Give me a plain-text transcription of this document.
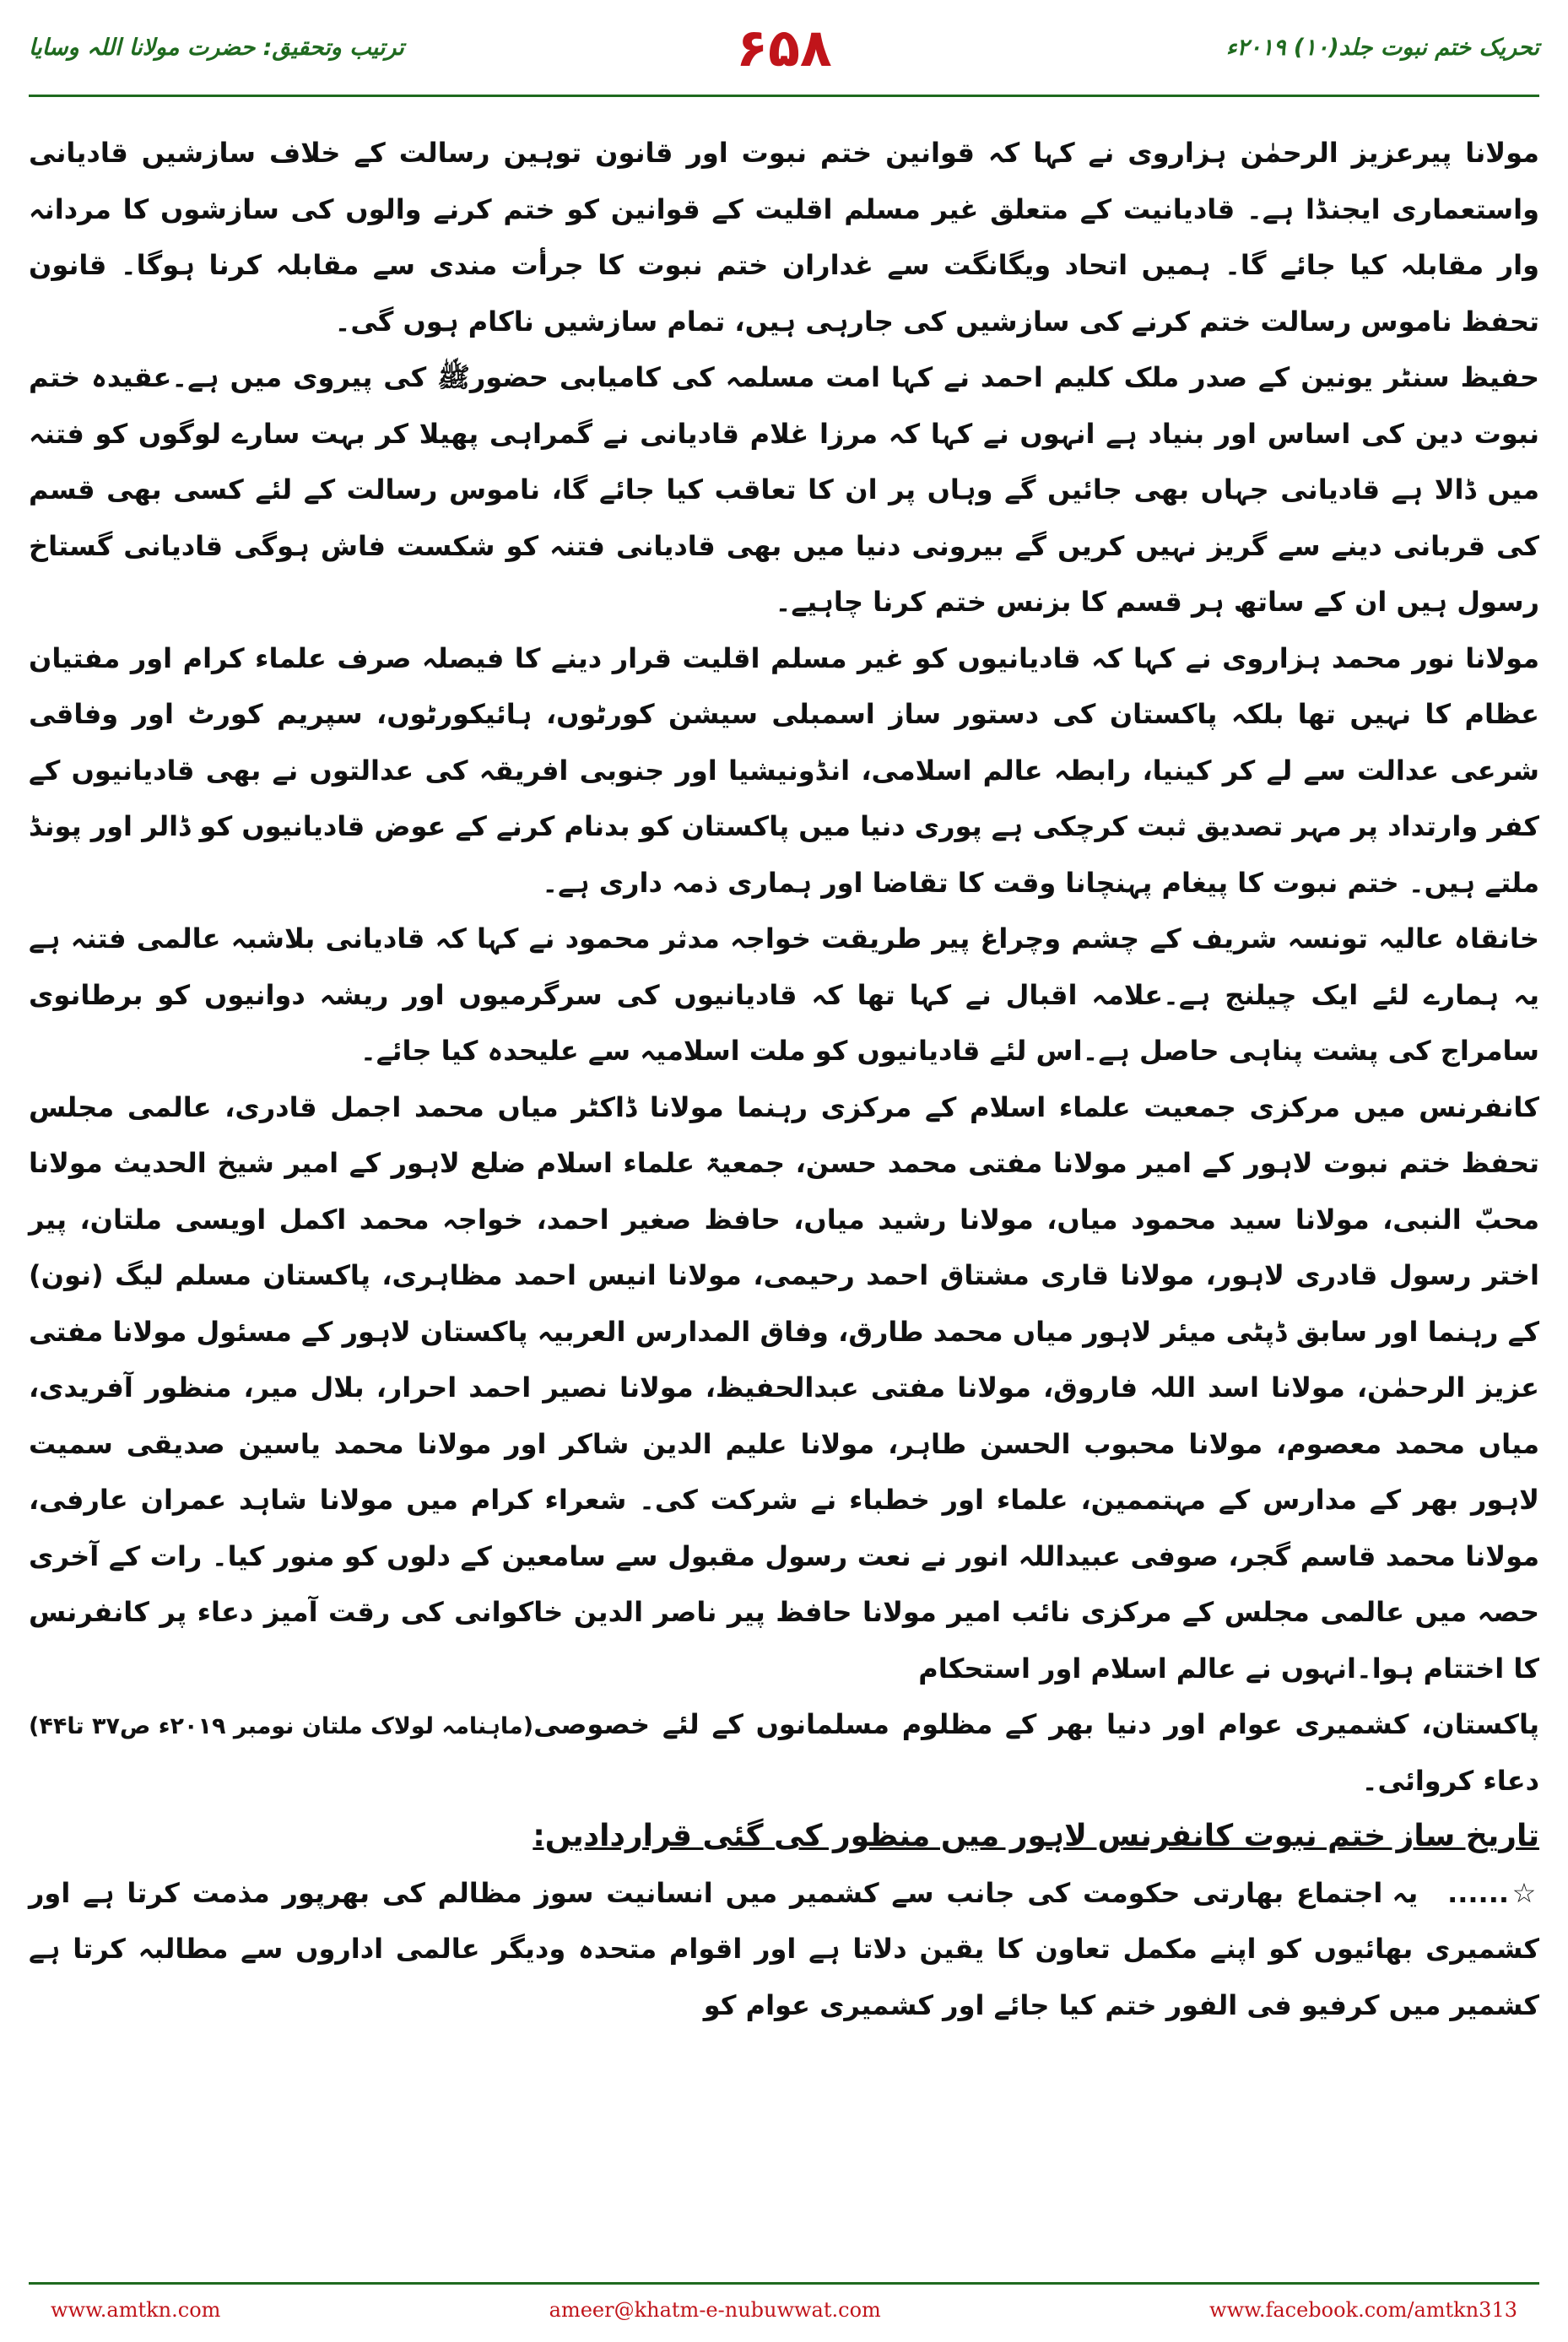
تحریک ختم نبوت جلد(۱۰) ۲۰۱۹ء
۶۵۸
ترتیب وتحقیق: حضرت مولانا اللہ وسایا

مولانا پیرعزیز الرحمٰن ہزاروی نے کہا کہ قوانین ختم نبوت اور قانون توہین رسالت کے خلاف سازشیں قادیانی واستعماری ایجنڈا ہے۔ قادیانیت کے متعلق غیر مسلم اقلیت کے قوانین کو ختم کرنے والوں کی سازشوں کا مردانہ وار مقابلہ کیا جائے گا۔ ہمیں اتحاد ویگانگت سے غداران ختم نبوت کا جرأت مندی سے مقابلہ کرنا ہوگا۔ قانون تحفظ ناموس رسالت ختم کرنے کی سازشیں کی جارہی ہیں، تمام سازشیں ناکام ہوں گی۔

حفیظ سنٹر یونین کے صدر ملک کلیم احمد نے کہا امت مسلمہ کی کامیابی حضورﷺ کی پیروی میں ہے۔عقیدہ ختم نبوت دین کی اساس اور بنیاد ہے انہوں نے کہا کہ مرزا غلام قادیانی نے گمراہی پھیلا کر بہت سارے لوگوں کو فتنہ میں ڈالا ہے قادیانی جہاں بھی جائیں گے وہاں پر ان کا تعاقب کیا جائے گا، ناموس رسالت کے لئے کسی بھی قسم کی قربانی دینے سے گریز نہیں کریں گے بیرونی دنیا میں بھی قادیانی فتنہ کو شکست فاش ہوگی قادیانی گستاخ رسول ہیں ان کے ساتھ ہر قسم کا بزنس ختم کرنا چاہیے۔

مولانا نور محمد ہزاروی نے کہا کہ قادیانیوں کو غیر مسلم اقلیت قرار دینے کا فیصلہ صرف علماء کرام اور مفتیان عظام کا نہیں تھا بلکہ پاکستان کی دستور ساز اسمبلی سیشن کورٹوں، ہائیکورٹوں، سپریم کورٹ اور وفاقی شرعی عدالت سے لے کر کینیا، رابطہ عالم اسلامی، انڈونیشیا اور جنوبی افریقہ کی عدالتوں نے بھی قادیانیوں کے کفر وارتداد پر مہر تصدیق ثبت کرچکی ہے پوری دنیا میں پاکستان کو بدنام کرنے کے عوض قادیانیوں کو ڈالر اور پونڈ ملتے ہیں۔ ختم نبوت کا پیغام پہنچانا وقت کا تقاضا اور ہماری ذمہ داری ہے۔

خانقاہ عالیہ تونسہ شریف کے چشم وچراغ پیر طریقت خواجہ مدثر محمود نے کہا کہ قادیانی بلاشبہ عالمی فتنہ ہے یہ ہمارے لئے ایک چیلنج ہے۔علامہ اقبال نے کہا تھا کہ قادیانیوں کی سرگرمیوں اور ریشہ دوانیوں کو برطانوی سامراج کی پشت پناہی حاصل ہے۔اس لئے قادیانیوں کو ملت اسلامیہ سے علیحدہ کیا جائے۔

کانفرنس میں مرکزی جمعیت علماء اسلام کے مرکزی رہنما مولانا ڈاکٹر میاں محمد اجمل قادری، عالمی مجلس تحفظ ختم نبوت لاہور کے امیر مولانا مفتی محمد حسن، جمعیۃ علماء اسلام ضلع لاہور کے امیر شیخ الحدیث مولانا محبّ النبی، مولانا سید محمود میاں، مولانا رشید میاں، حافظ صغیر احمد، خواجہ محمد اکمل اویسی ملتان، پیر اختر رسول قادری لاہور، مولانا قاری مشتاق احمد رحیمی، مولانا انیس احمد مظاہری، پاکستان مسلم لیگ (نون) کے رہنما اور سابق ڈپٹی میئر لاہور میاں محمد طارق، وفاق المدارس العربیہ پاکستان لاہور کے مسئول مولانا مفتی عزیز الرحمٰن، مولانا اسد اللہ فاروق، مولانا مفتی عبدالحفیظ، مولانا نصیر احمد احرار، بلال میر، منظور آفریدی، میاں محمد معصوم، مولانا محبوب الحسن طاہر، مولانا علیم الدین شاکر اور مولانا محمد یاسین صدیقی سمیت لاہور بھر کے مدارس کے مہتممین، علماء اور خطباء نے شرکت کی۔ شعراء کرام میں مولانا شاہد عمران عارفی، مولانا محمد قاسم گجر، صوفی عبیداللہ انور نے نعت رسول مقبول سے سامعین کے دلوں کو منور کیا۔ رات کے آخری حصہ میں عالمی مجلس کے مرکزی نائب امیر مولانا حافظ پیر ناصر الدین خاکوانی کی رقت آمیز دعاء پر کانفرنس کا اختتام ہوا۔انہوں نے عالم اسلام اور استحکام

پاکستان، کشمیری عوام اور دنیا بھر کے مظلوم مسلمانوں کے لئے خصوصی دعاء کروائی۔
(ماہنامہ لولاک ملتان نومبر ۲۰۱۹ء ص۳۷ تا۴۴)

تاریخ ساز ختم نبوت کانفرنس لاہور میں منظور کی گئی قراردادیں:

☆...... یہ اجتماع بھارتی حکومت کی جانب سے کشمیر میں انسانیت سوز مظالم کی بھرپور مذمت کرتا ہے اور کشمیری بھائیوں کو اپنے مکمل تعاون کا یقین دلاتا ہے اور اقوام متحدہ ودیگر عالمی اداروں سے مطالبہ کرتا ہے کشمیر میں کرفیو فی الفور ختم کیا جائے اور کشمیری عوام کو

www.amtkn.com	ameer@khatm-e-nubuwwat.com	www.facebook.com/amtkn313
